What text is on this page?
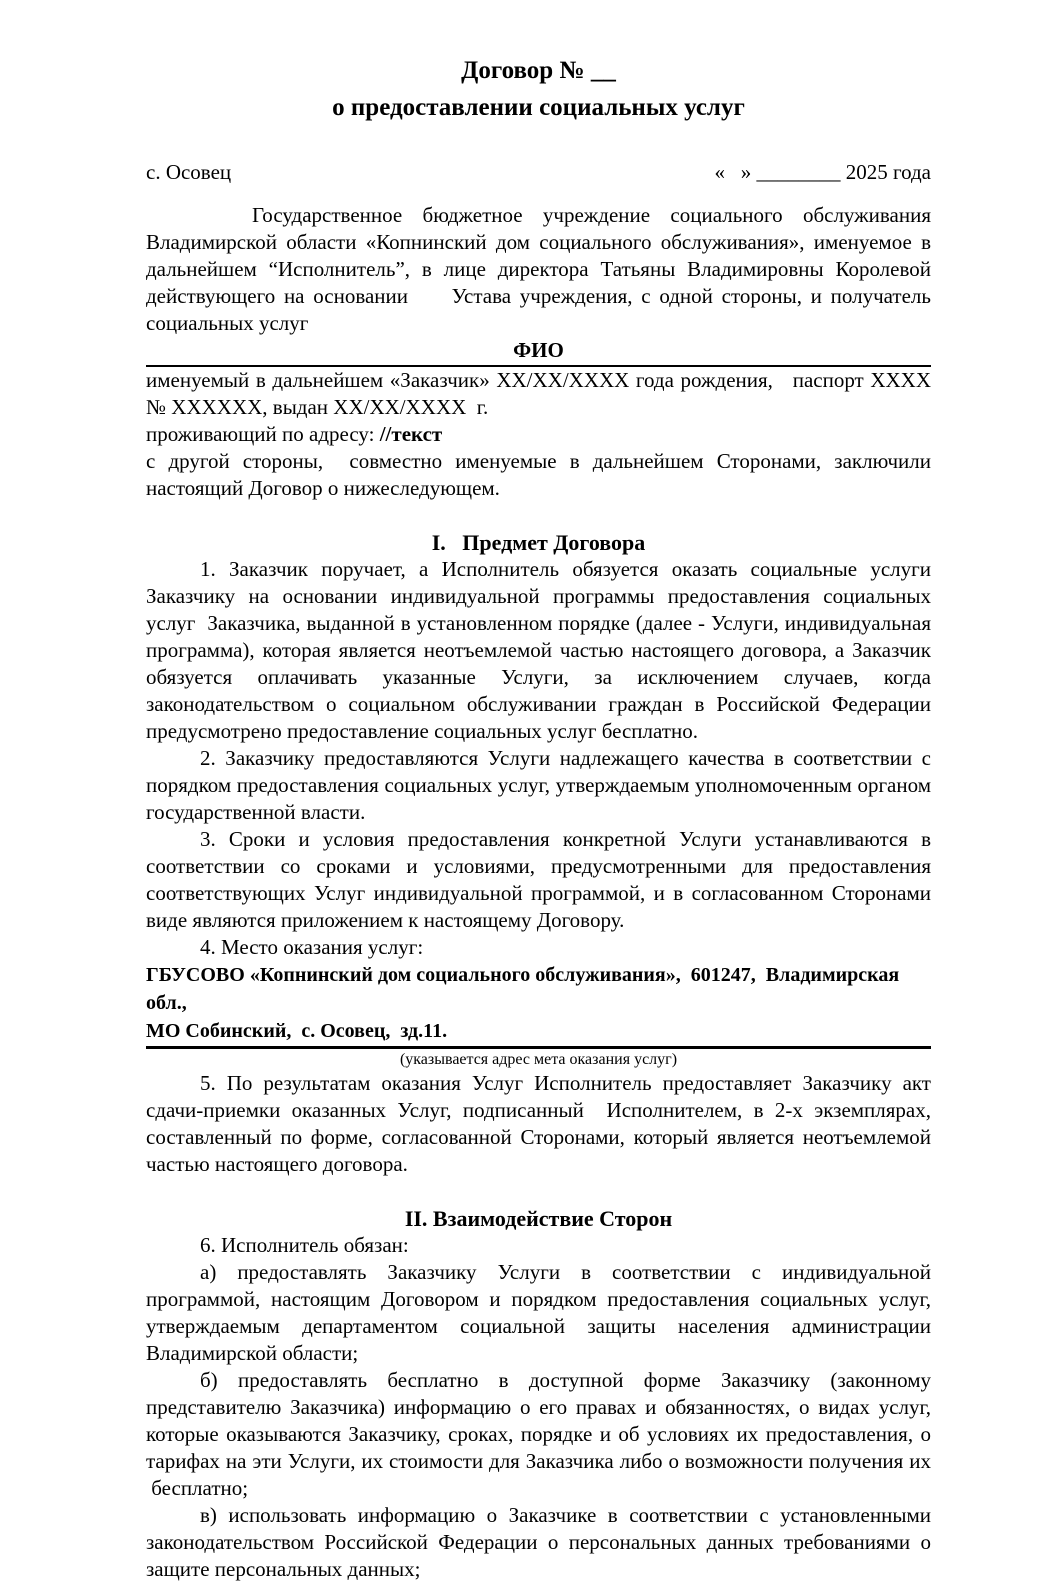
Договор № __
о предоставлении социальных услуг
с. Осовец	«   » ________ 2025 года

Государственное бюджетное учреждение социального обслуживания Владимирской области «Копнинский дом социального обслуживания», именуемое в дальнейшем “Исполнитель”, в лице директора Татьяны Владимировны Королевой действующего на основании     Устава учреждения, с одной стороны, и получатель социальных услуг

ФИО

именуемый в дальнейшем «Заказчик» XX/XX/XXXX года рождения,   паспорт XXXX № XXXXXX, выдан XX/XX/XXXX  г.

проживающий по адресу: //текст

с другой стороны,  совместно именуемые в дальнейшем Сторонами, заключили настоящий Договор о нижеследующем.

I.   Предмет Договора

1. Заказчик поручает, а Исполнитель обязуется оказать социальные услуги Заказчику на основании индивидуальной программы предоставления социальных услуг  Заказчика, выданной в установленном порядке (далее - Услуги, индивидуальная программа), которая является неотъемлемой частью настоящего договора, а Заказчик обязуется оплачивать указанные Услуги, за исключением случаев, когда законодательством о социальном обслуживании граждан в Российской Федерации предусмотрено предоставление социальных услуг бесплатно.

2. Заказчику предоставляются Услуги надлежащего качества в соответствии с порядком предоставления социальных услуг, утверждаемым уполномоченным органом государственной власти.

3. Сроки и условия предоставления конкретной Услуги устанавливаются в соответствии со сроками и условиями, предусмотренными для предоставления соответствующих Услуг индивидуальной программой, и в согласованном Сторонами виде являются приложением к настоящему Договору.

4. Место оказания услуг:

ГБУСОВО «Копнинский дом социального обслуживания»,  601247,  Владимирская обл.,
МО Собинский,  с. Осовец,  зд.11.
(указывается адрес мета оказания услуг)

5. По результатам оказания Услуг Исполнитель предоставляет Заказчику акт сдачи-приемки оказанных Услуг, подписанный  Исполнителем, в 2-х экземплярах, составленный по форме, согласованной Сторонами, который является неотъемлемой частью настоящего договора.

II. Взаимодействие Сторон

6. Исполнитель обязан:

а) предоставлять Заказчику Услуги в соответствии с индивидуальной программой, настоящим Договором и порядком предоставления социальных услуг, утверждаемым департаментом социальной защиты населения администрации Владимирской области;

б) предоставлять бесплатно в доступной форме Заказчику (законному представителю Заказчика) информацию о его правах и обязанностях, о видах услуг, которые оказываются Заказчику, сроках, порядке и об условиях их предоставления, о тарифах на эти Услуги, их стоимости для Заказчика либо о возможности получения их  бесплатно;

в) использовать информацию о Заказчике в соответствии с установленными законодательством Российской Федерации о персональных данных требованиями о защите персональных данных;
